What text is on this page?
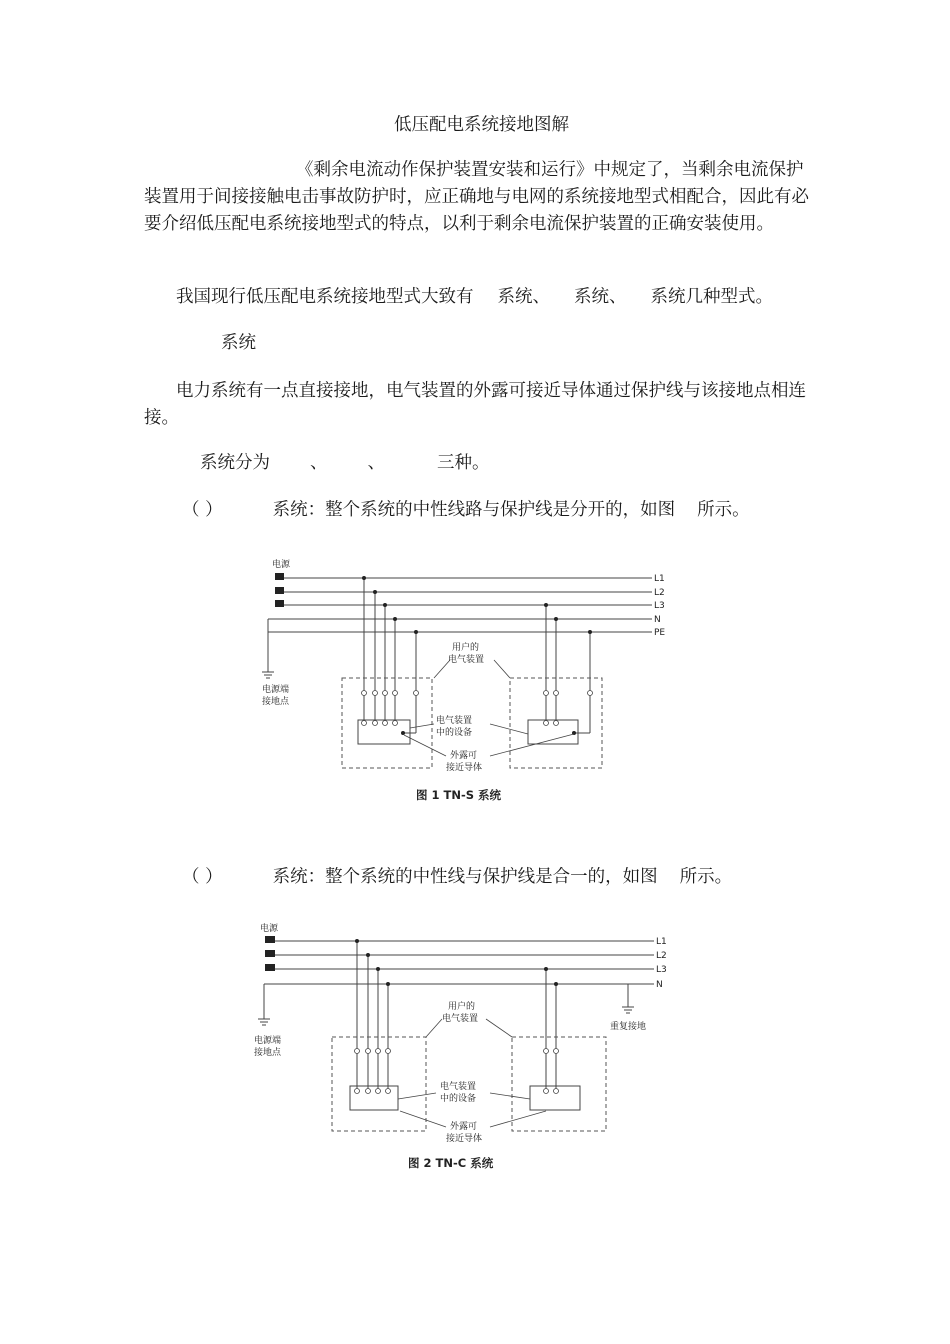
低压配电系统接地图解

《剩余电流动作保护装置安装和运行》中规定了，当剩余电流保护装置用于间接接触电击事故防护时，应正确地与电网的系统接地型式相配合，因此有必要介绍低压配电系统接地型式的特点，以利于剩余电流保护装置的正确安装使用。

我国现行低压配电系统接地型式大致有 系统、 系统、 系统几种型式。

系统

电力系统有一点直接接地，电气装置的外露可接近导体通过保护线与该接地点相连接。

系统分为 、 、	三种。

（ ）	系统：整个系统的中性线路与保护线是分开的，如图 所示。

电源
L1
L2
L3
N
PE
电源端
接地点
用户的
电气装置
电气装置
中的设备
外露可
接近导体
图 1 TN-S 系统

（ ）	系统：整个系统的中性线与保护线是合一的，如图 所示。

电源
L1
L2
L3
N
电源端
接地点
用户的
电气装置
重复接地
电气装置
中的设备
外露可
接近导体
图 2 TN-C 系统
